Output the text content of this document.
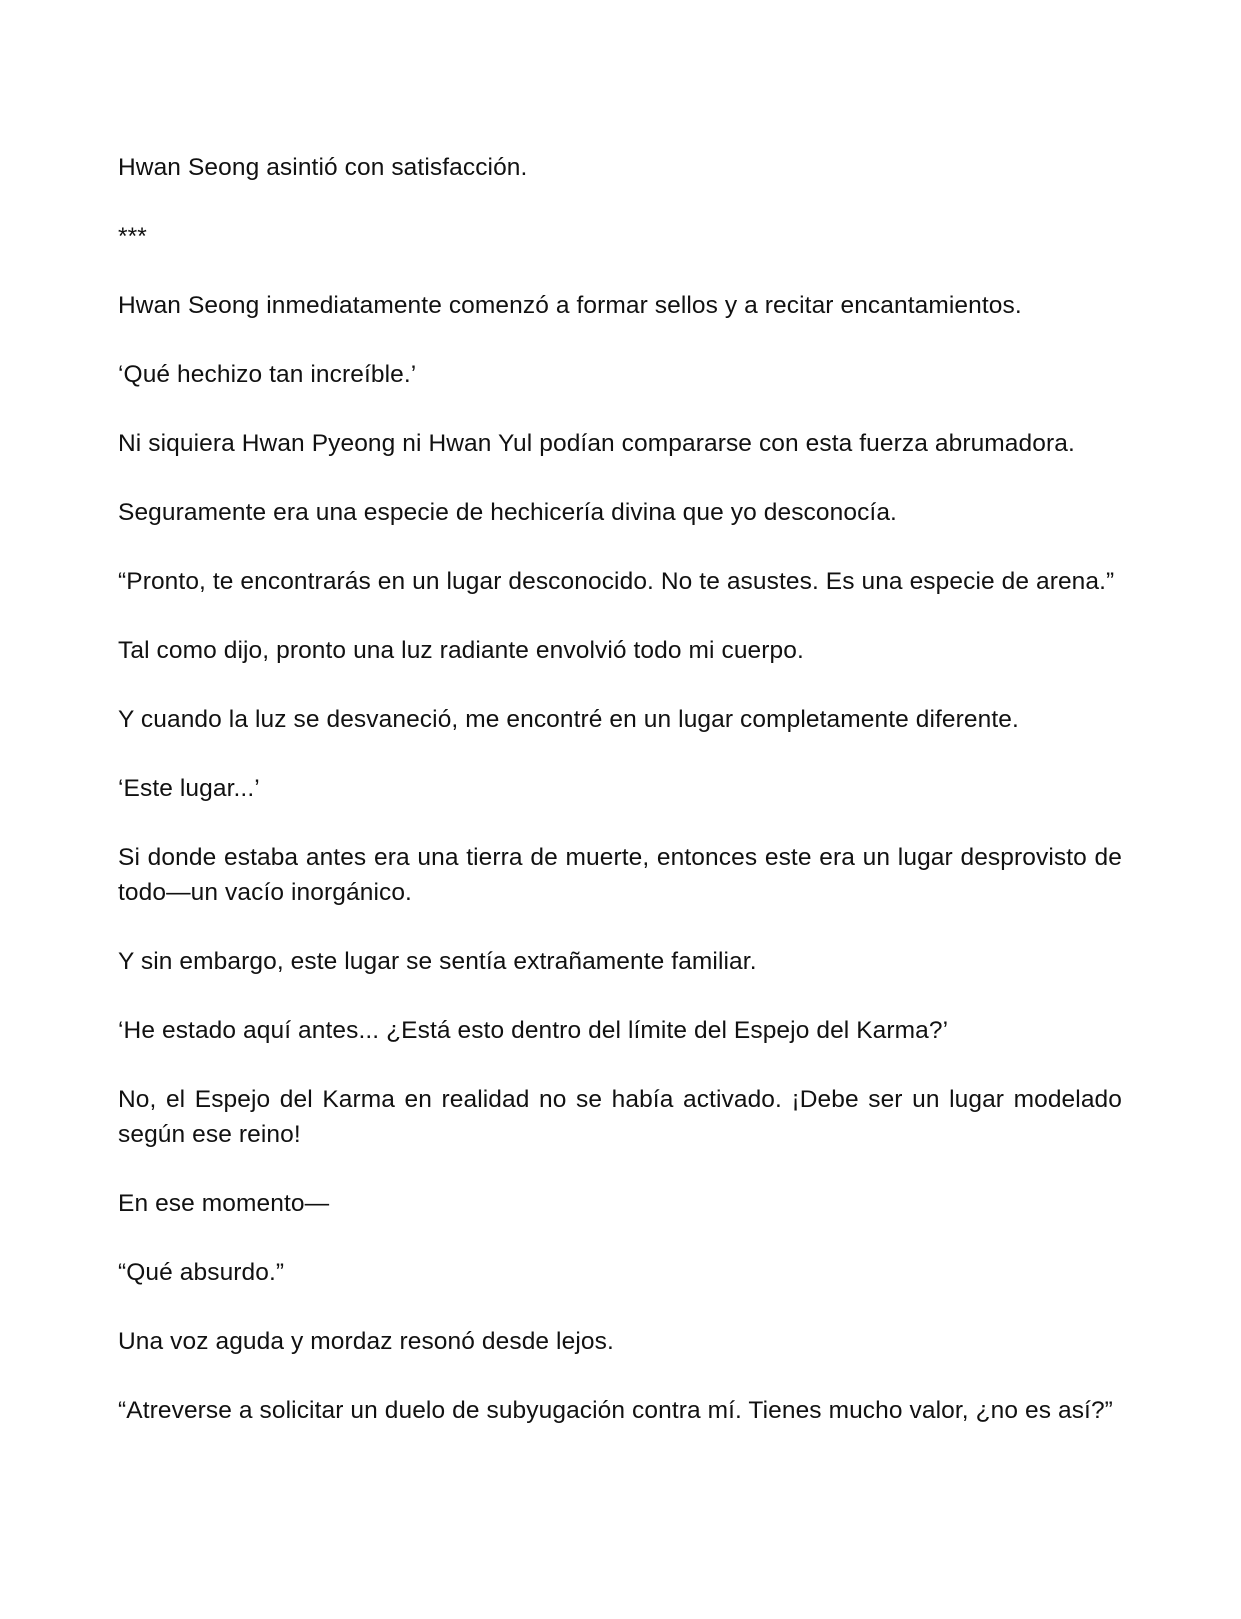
Hwan Seong asintió con satisfacción.

***

Hwan Seong inmediatamente comenzó a formar sellos y a recitar encantamientos.

‘Qué hechizo tan increíble.’

Ni siquiera Hwan Pyeong ni Hwan Yul podían compararse con esta fuerza abrumadora.

Seguramente era una especie de hechicería divina que yo desconocía.

“Pronto, te encontrarás en un lugar desconocido. No te asustes. Es una especie de arena.”

Tal como dijo, pronto una luz radiante envolvió todo mi cuerpo.

Y cuando la luz se desvaneció, me encontré en un lugar completamente diferente.

‘Este lugar...’

Si donde estaba antes era una tierra de muerte, entonces este era un lugar desprovisto de todo—un vacío inorgánico.

Y sin embargo, este lugar se sentía extrañamente familiar.

‘He estado aquí antes... ¿Está esto dentro del límite del Espejo del Karma?’

No, el Espejo del Karma en realidad no se había activado. ¡Debe ser un lugar modelado según ese reino!

En ese momento—

“Qué absurdo.”

Una voz aguda y mordaz resonó desde lejos.

“Atreverse a solicitar un duelo de subyugación contra mí. Tienes mucho valor, ¿no es así?”
